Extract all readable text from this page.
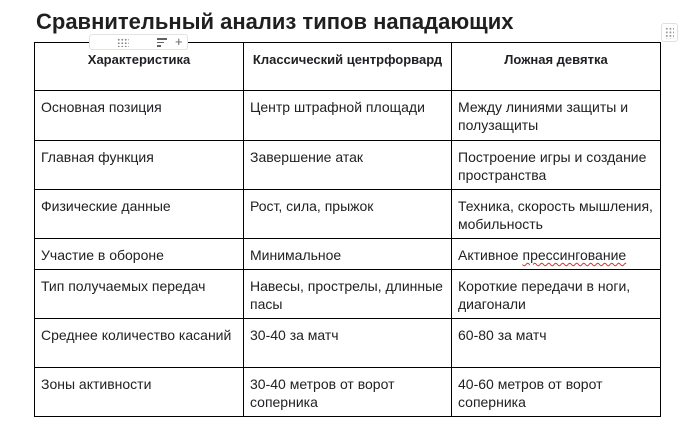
Сравнительный анализ типов нападающих
Характеристика	Классический центрфорвард	Ложная девятка
Основная позиция	Центр штрафной площади	Между линиями защиты и полузащиты
Главная функция	Завершение атак	Построение игры и создание пространства
Физические данные	Рост, сила, прыжок	Техника, скорость мышления, мобильность
Участие в обороне	Минимальное	Активное прессингование
Тип получаемых передач	Навесы, прострелы, длинные пасы	Короткие передачи в ноги, диагонали
Среднее количество касаний	30-40 за матч	60-80 за матч
Зоны активности	30-40 метров от ворот соперника	40-60 метров от ворот соперника
+
